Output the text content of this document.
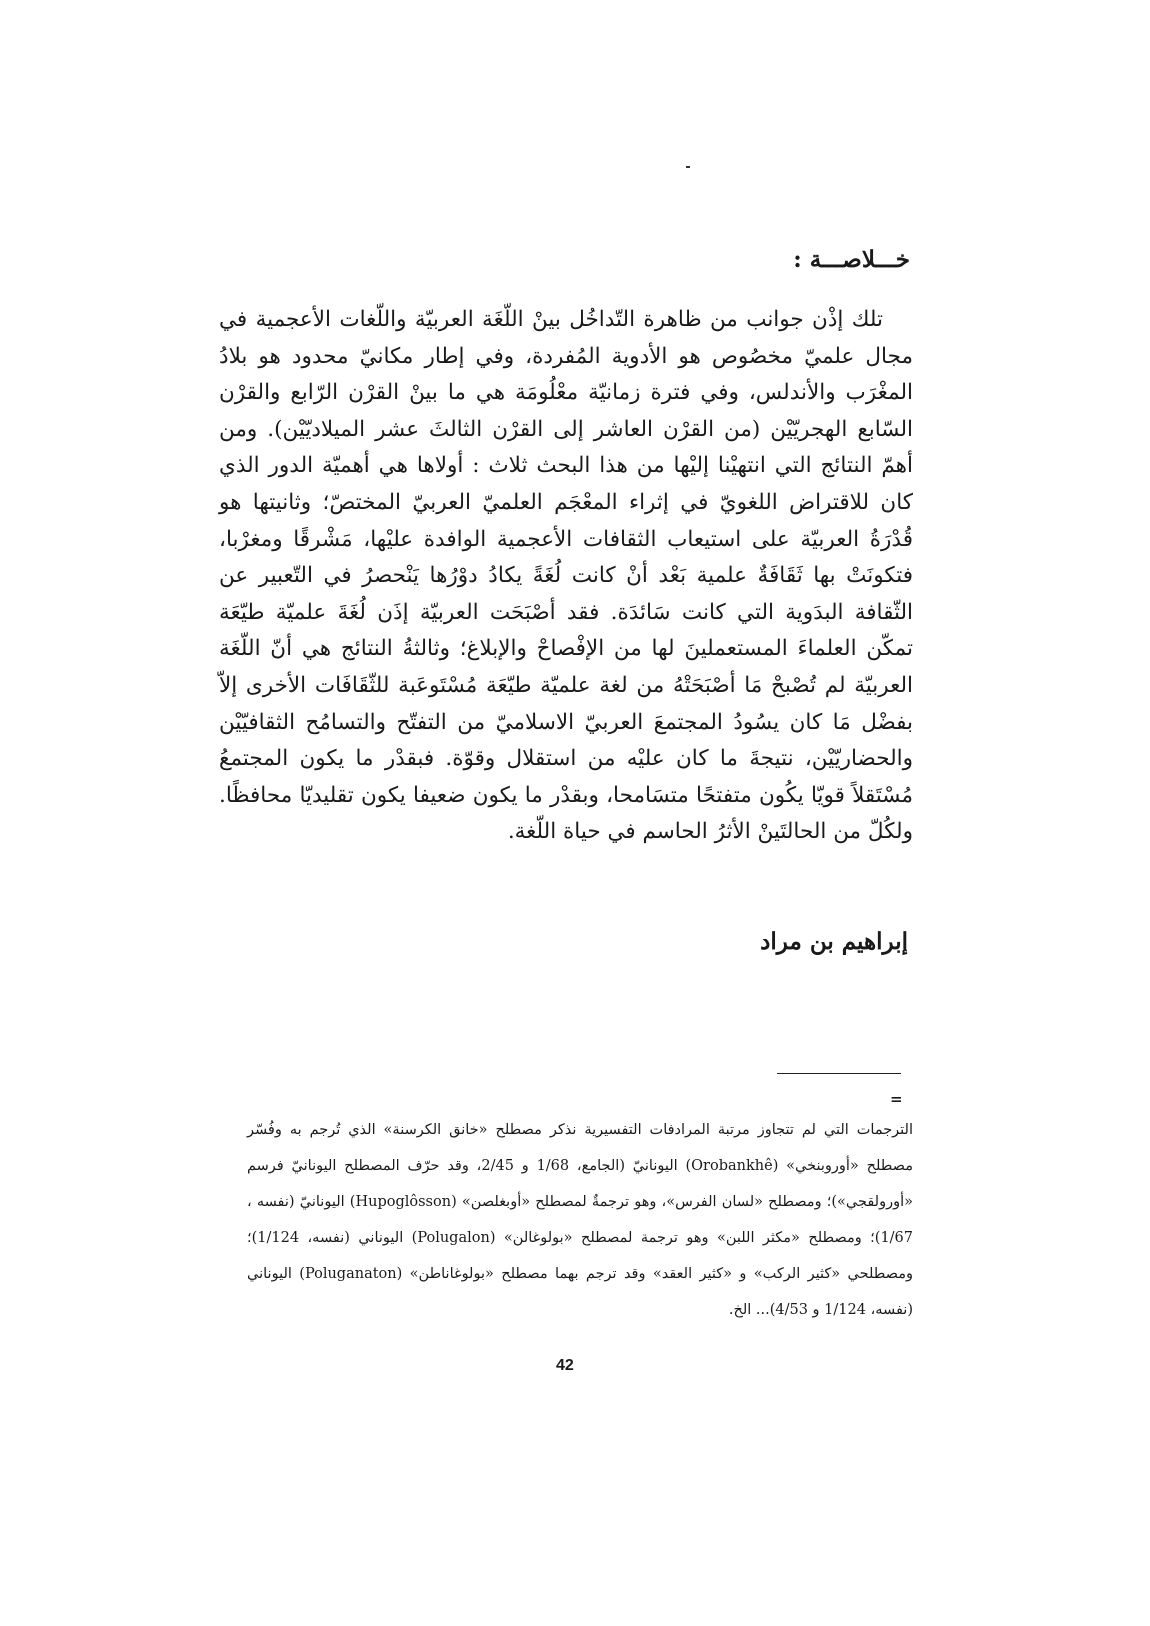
خـــلاصـــة :

تلك إذْن جوانب من ظاهرة التّداخُل بينْ اللّغَة العربيّة واللّغات الأعجمية في مجال علميّ مخصُوص هو الأدوية المُفردة، وفي إطار مكانيّ محدود هو بلادُ المغْرَب والأندلس، وفي فترة زمانيّة معْلُومَة هي ما بينْ القرْن الرّابع والقرْن السّابع الهجريّيْن (من القرْن العاشر إلى القرْن الثالثَ عشر الميلاديّيْن). ومن أهمّ النتائج التي انتهيْنا إليْها من هذا البحث ثلاث : أولاها هي أهميّة الدور الذي كان للاقتراض اللغويّ في إثراء المعْجَم العلميّ العربيّ المختصّ؛ وثانيتها هو قُدْرَةُ العربيّة على استيعاب الثقافات الأعجمية الوافدة عليْها، مَشْرقًا ومغرْبا، فتكونَتْ بها ثَقَافَةٌ علمية بَعْد أنْ كانت لُغَةً يكادُ دوْرُها يَنْحصرُ في التّعبير عن الثّقافة البدَوية التي كانت سَائدَة. فقد أصْبَحَت العربيّة إذَن لُغَةَ علميّة طيّعَة تمكّن العلماءَ المستعملينَ لها من الإفْصاحْ والإبلاغ؛ وثالثةُ النتائج هي أنّ اللّغَة العربيّة لم تُصْبحْ مَا أصْبَحَتْهُ من لغة علميّة طيّعَة مُسْتَوعَبة للثّقَافَات الأخرى إلاّ بفضْل مَا كان يسُودُ المجتمعَ العربيّ الاسلاميّ من التفتّح والتسامُح الثقافيّيْن والحضاريّيْن، نتيجةَ ما كان عليْه من استقلال وقوّة. فبقدْر ما يكون المجتمعُ مُسْتَقلاً قويّا يكُون متفتحًا متسَامحا، وبقدْر ما يكون ضعيفا يكون تقليديّا محافظًا. ولكُلّ من الحالتَينْ الأثرُ الحاسم في حياة اللّغة.

إبراهيم بن مراد
=

الترجمات التي لم تتجاوز مرتبة المرادفات التفسيرية نذكر مصطلح «خانق الكرسنة» الذي تُرجم به وفُسّر مصطلح «أوروبنخي» (Orobankhê) اليونانيّ (الجامع، 1/68 و 2/45، وقد حرّف المصطلح اليونانيّ فرسم «أورولقجي»)؛ ومصطلح «لسان الفرس»، وهو ترجمةٌ لمصطلح «أوبغلصن» (Hupoglôsson) اليونانيّ (نفسه ، 1/67)؛ ومصطلح «مكثر اللبن» وهو ترجمة لمصطلح «بولوغالن» (Polugalon) اليوناني (نفسه، 1/124)؛ ومصطلحي «كثير الركب» و «كثير العقد» وقد ترجم بهما مصطلح «بولوغاناطن» (Poluganaton) اليوناني (نفسه، 1/124 و 4/53)... الخ.

42
